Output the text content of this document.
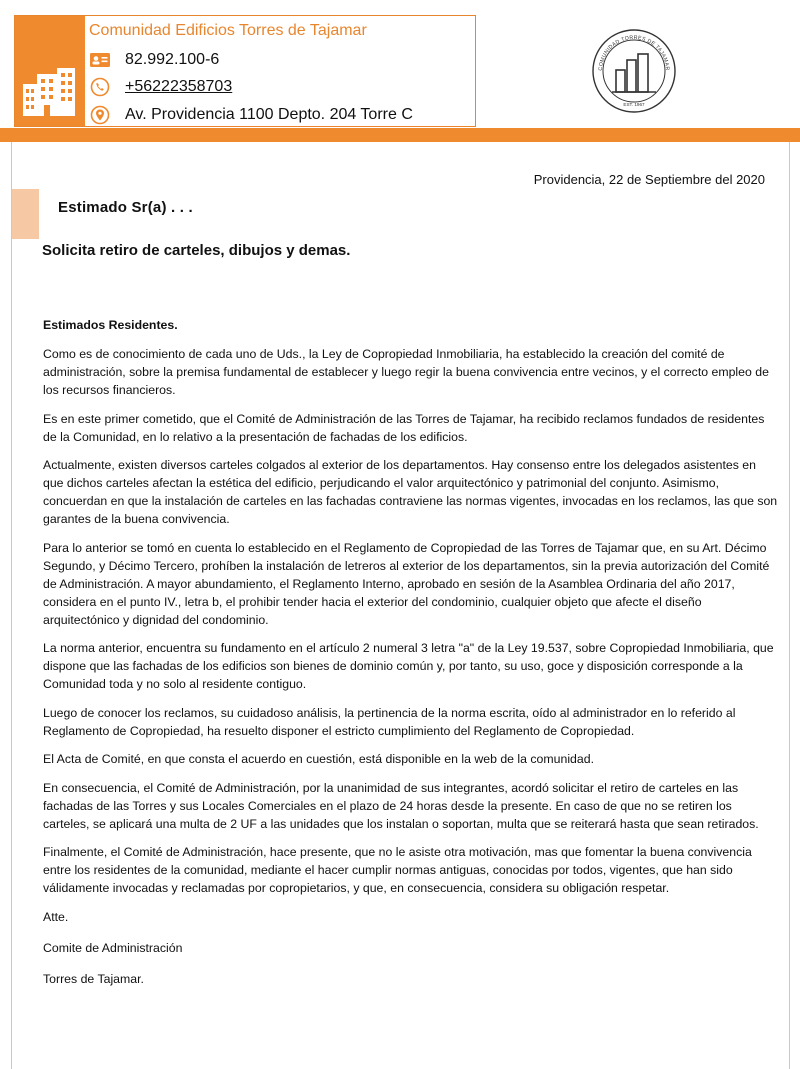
Comunidad Edificios Torres de Tajamar
82.992.100-6
+56222358703
Av. Providencia 1100 Depto. 204 Torre C
COMUNIDAD TORRES DE TAJAMAR
EST. 1967
Providencia, 22 de Septiembre del 2020
Estimado Sr(a) . . .
Solicita retiro de carteles, dibujos y demas.

Estimados Residentes.

Como es de conocimiento de cada uno de Uds., la Ley de Copropiedad Inmobiliaria, ha establecido la creación del comité de administración, sobre la premisa fundamental de establecer y luego regir la buena convivencia entre vecinos, y el correcto empleo de los recursos financieros.

Es en este primer cometido, que el Comité de Administración de las Torres de Tajamar, ha recibido reclamos fundados de residentes de la Comunidad, en lo relativo a la presentación de fachadas de los edificios.

Actualmente, existen diversos carteles colgados al exterior de los departamentos. Hay consenso entre los delegados asistentes en que dichos carteles afectan la estética del edificio, perjudicando el valor arquitectónico y patrimonial del conjunto. Asimismo, concuerdan en que la instalación de carteles en las fachadas contraviene las normas vigentes, invocadas en los reclamos, las que son garantes de la buena convivencia.

Para lo anterior se tomó en cuenta lo establecido en el Reglamento de Copropiedad de las Torres de Tajamar que, en su Art. Décimo Segundo, y Décimo Tercero, prohíben la instalación de letreros al exterior de los departamentos, sin la previa autorización del Comité de Administración. A mayor abundamiento, el Reglamento Interno, aprobado en sesión de la Asamblea Ordinaria del año 2017, considera en el punto IV., letra b, el prohibir tender hacia el exterior del condominio, cualquier objeto que afecte el diseño arquitectónico y dignidad del condominio.

La norma anterior, encuentra su fundamento en el artículo 2 numeral 3 letra "a" de la Ley 19.537, sobre Copropiedad Inmobiliaria, que dispone que las fachadas de los edificios son bienes de dominio común y, por tanto, su uso, goce y disposición corresponde a la Comunidad toda y no solo al residente contiguo.

Luego de conocer los reclamos, su cuidadoso análisis, la pertinencia de la norma escrita, oído al administrador en lo referido al Reglamento de Copropiedad, ha resuelto disponer el estricto cumplimiento del Reglamento de Copropiedad.

El Acta de Comité, en que consta el acuerdo en cuestión, está disponible en la web de la comunidad.

En consecuencia, el Comité de Administración, por la unanimidad de sus integrantes, acordó solicitar el retiro de carteles en las fachadas de las Torres y sus Locales Comerciales en el plazo de 24 horas desde la presente. En caso de que no se retiren los carteles, se aplicará una multa de 2 UF a las unidades que los instalan o soportan, multa que se reiterará hasta que sean retirados.

Finalmente, el Comité de Administración, hace presente, que no le asiste otra motivación, mas que fomentar la buena convivencia entre los residentes de la comunidad, mediante el hacer cumplir normas antiguas, conocidas por todos, vigentes, que han sido válidamente invocadas y reclamadas por copropietarios, y que, en consecuencia, considera su obligación respetar.

Atte.

Comite de Administración

Torres de Tajamar.
